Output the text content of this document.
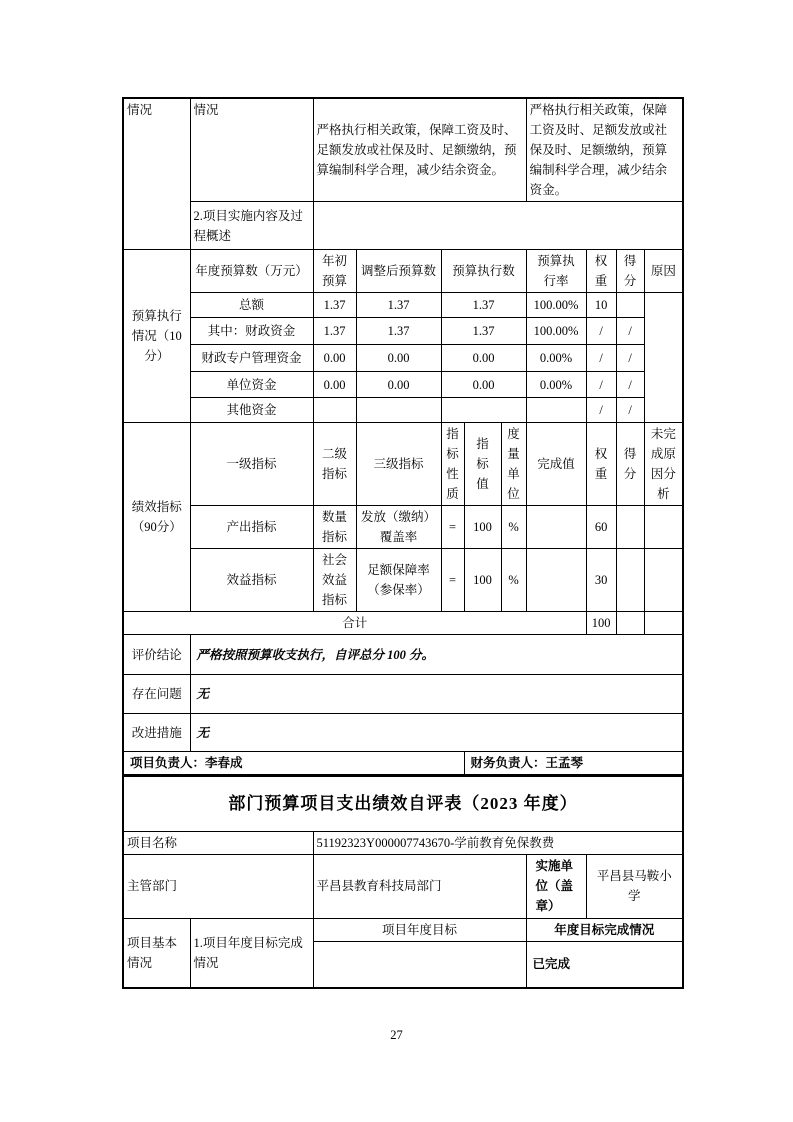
情况	情况	严格执行相关政策，保障工资及时、足额发放或社保及时、足额缴纳，预算编制科学合理，减少结余资金。					严格执行相关政策，保障工资及时、足额发放或社保及时、足额缴纳，预算编制科学合理，减少结余资金。			
	2.项目实施内容及过程概述									
预算执行情况（10分）	年度预算数（万元）	年初预算	调整后预算数	预算执行数			预算执行率	权重	得分	原因
	总额	1.37	1.37	1.37			100.00%	10		
	其中：财政资金	1.37	1.37	1.37			100.00%	/	/	
	财政专户管理资金	0.00	0.00	0.00			0.00%	/	/	
	单位资金	0.00	0.00	0.00			0.00%	/	/	
	其他资金							/	/	
绩效指标（90分）	一级指标	二级指标	三级指标	指标性质	指标值	度量单位	完成值	权重	得分	未完成原因分析
	产出指标	数量指标	发放（缴纳）覆盖率	=	100	%		60		
	效益指标	社会效益指标	足额保障率（参保率）	=	100	%		30		
合计								100		
评价结论	严格按照预算收支执行，自评总分 100 分。									
存在问题	无									
改进措施	无									
项目负责人：李春成					财务负责人：王孟琴					
部门预算项目支出绩效自评表（2023 年度）				
项目名称		51192323Y000007743670-学前教育免保教费		
主管部门		平昌县教育科技局部门	实施单位（盖章）	平昌县马鞍小学
项目基本情况	1.项目年度目标完成情况	项目年度目标	年度目标完成情况	
			已完成	
27
